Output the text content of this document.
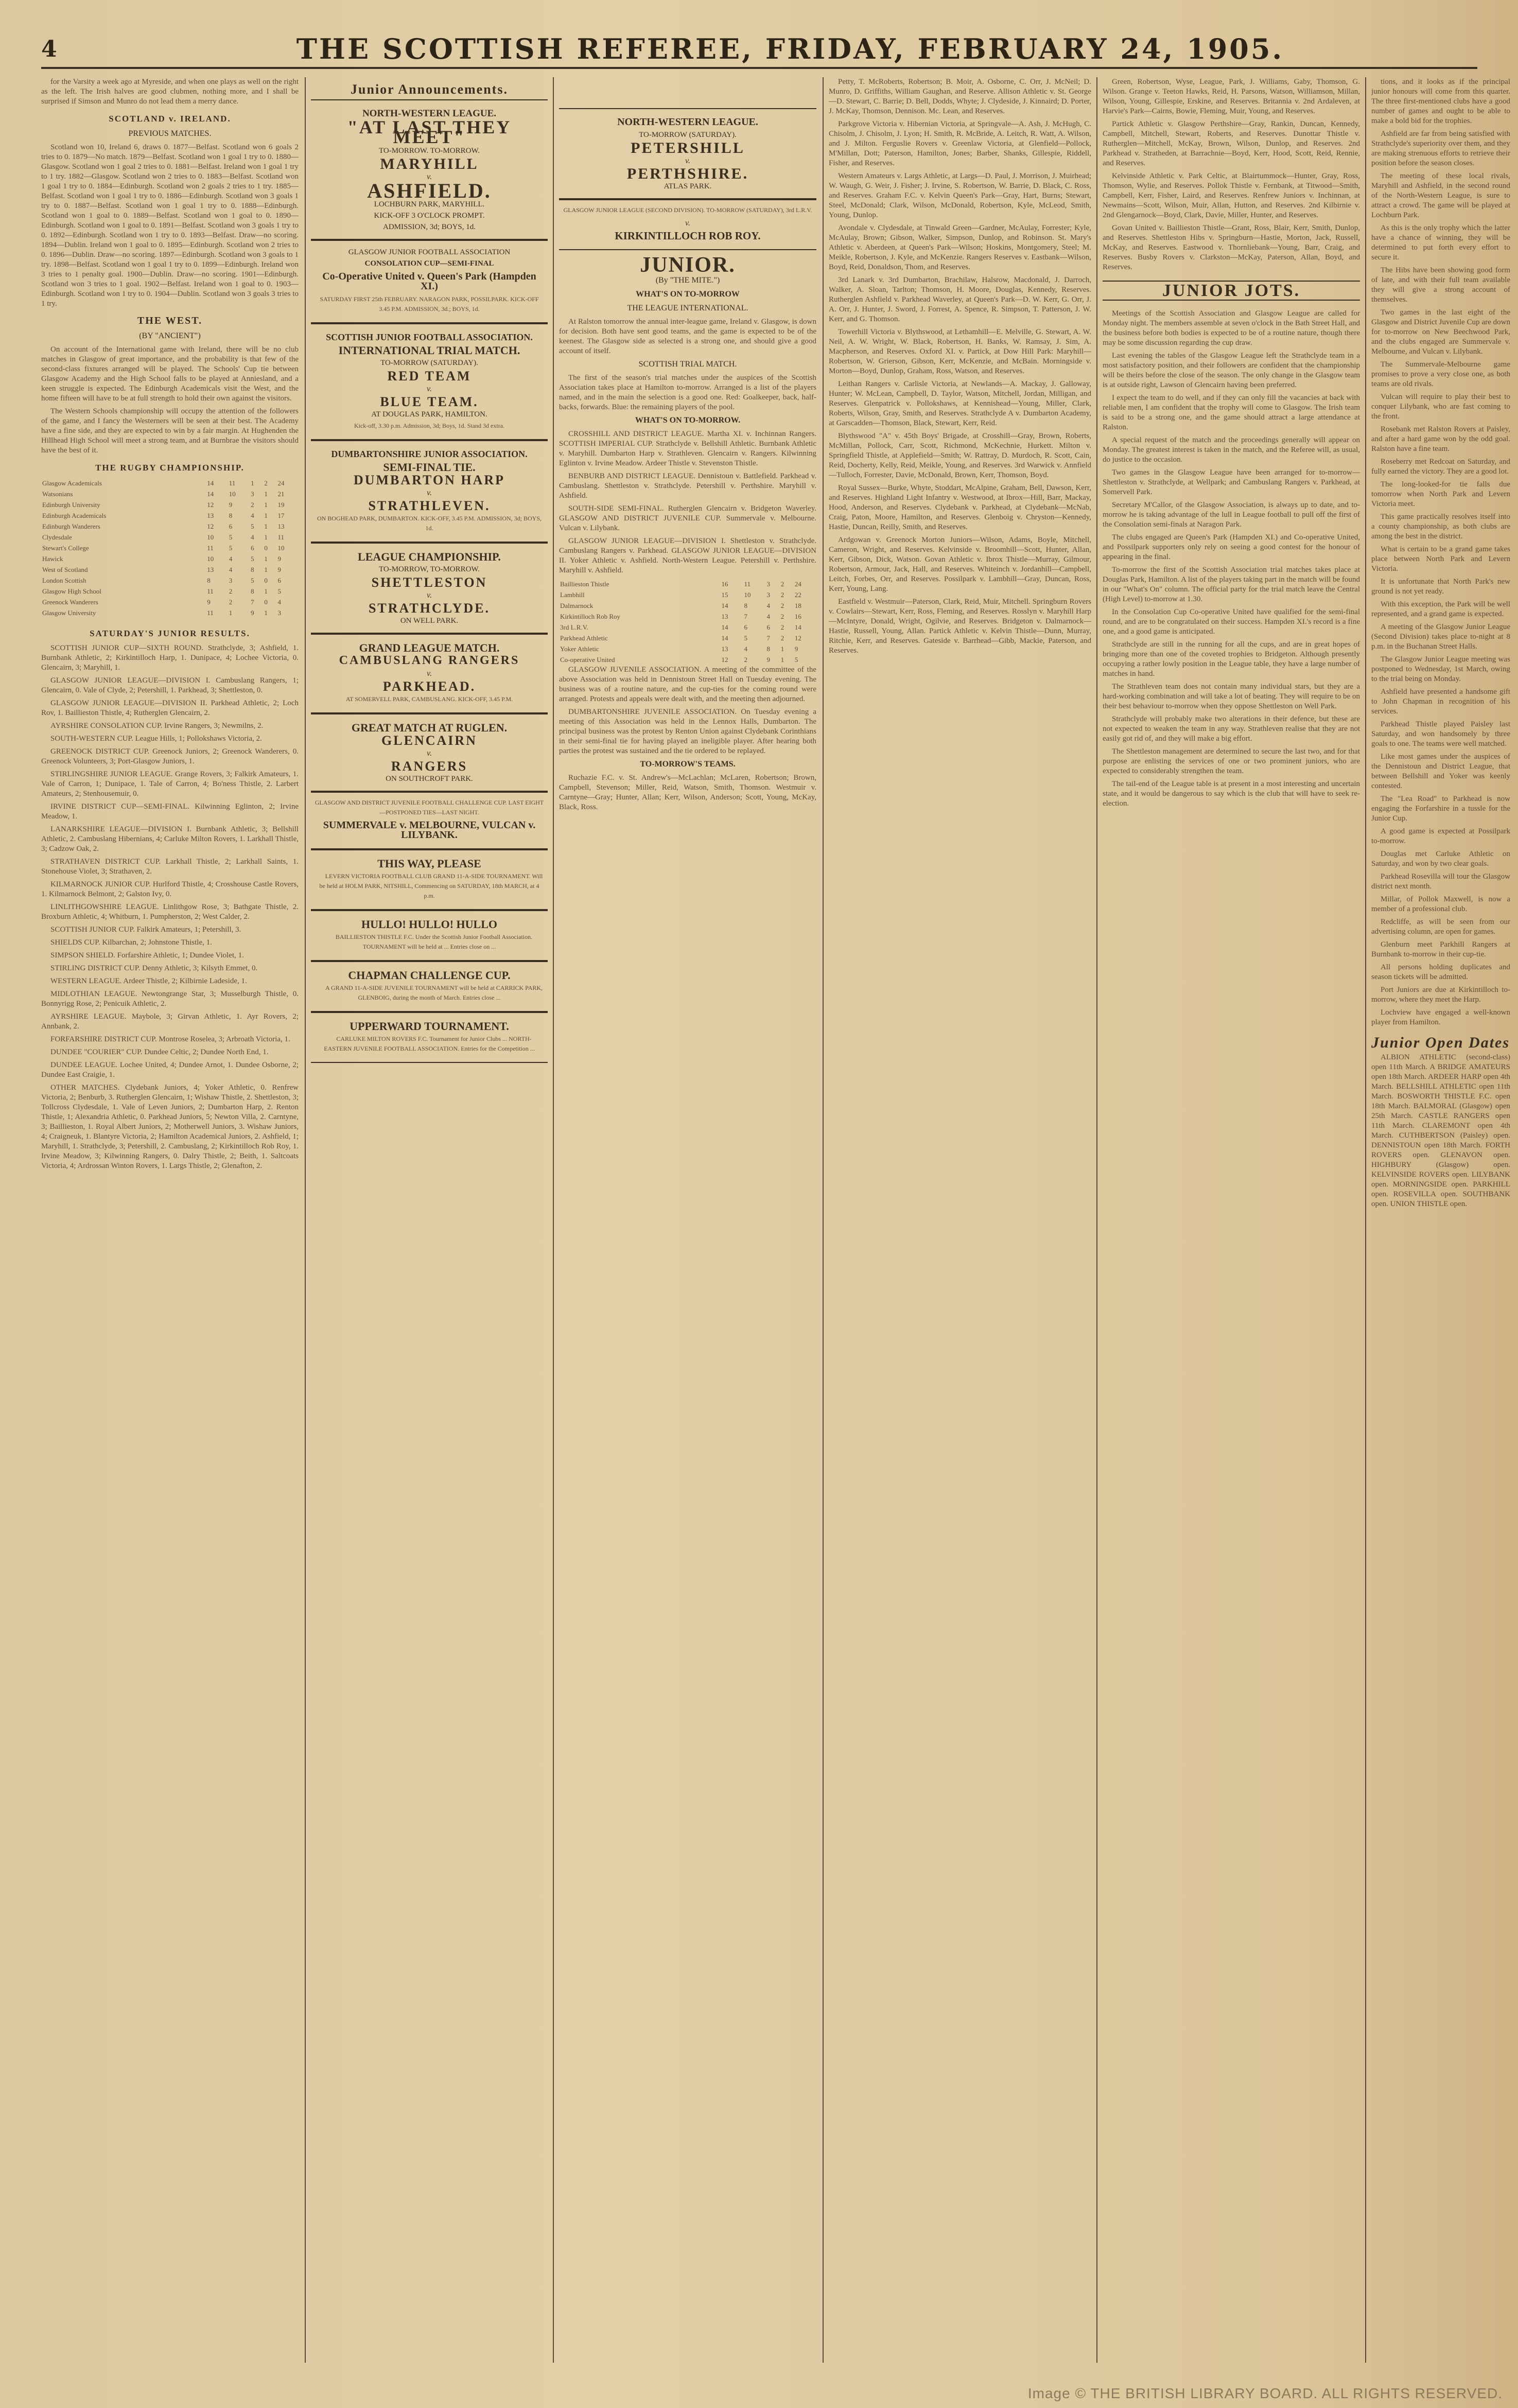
4	THE SCOTTISH REFEREE, FRIDAY, FEBRUARY 24, 1905.

for the Varsity a week ago at Myreside, and when one plays as well on the right as the left. The Irish halves are good clubmen, nothing more, and I shall be surprised if Simson and Munro do not lead them a merry dance.

SCOTLAND v. IRELAND.
PREVIOUS MATCHES.

Scotland won 10, Ireland 6, draws 0. 1877—Belfast. Scotland won 6 goals 2 tries to 0. 1879—No match. 1879—Belfast. Scotland won 1 goal 1 try to 0. 1880—Glasgow. Scotland won 1 goal 2 tries to 0. 1881—Belfast. Ireland won 1 goal 1 try to 1 try. 1882—Glasgow. Scotland won 2 tries to 0. 1883—Belfast. Scotland won 1 goal 1 try to 0. 1884—Edinburgh. Scotland won 2 goals 2 tries to 1 try. 1885—Belfast. Scotland won 1 goal 1 try to 0. 1886—Edinburgh. Scotland won 3 goals 1 try to 0. 1887—Belfast. Scotland won 1 goal 1 try to 0. 1888—Edinburgh. Scotland won 1 goal to 0. 1889—Belfast. Scotland won 1 goal to 0. 1890—Edinburgh. Scotland won 1 goal to 0. 1891—Belfast. Scotland won 3 goals 1 try to 0. 1892—Edinburgh. Scotland won 1 try to 0. 1893—Belfast. Draw—no scoring. 1894—Dublin. Ireland won 1 goal to 0. 1895—Edinburgh. Scotland won 2 tries to 0. 1896—Dublin. Draw—no scoring. 1897—Edinburgh. Scotland won 3 goals to 1 try. 1898—Belfast. Scotland won 1 goal 1 try to 0. 1899—Edinburgh. Ireland won 3 tries to 1 penalty goal. 1900—Dublin. Draw—no scoring. 1901—Edinburgh. Scotland won 3 tries to 1 goal. 1902—Belfast. Ireland won 1 goal to 0. 1903—Edinburgh. Scotland won 1 try to 0. 1904—Dublin. Scotland won 3 goals 3 tries to 1 try.

THE WEST.
(BY "ANCIENT")

On account of the International game with Ireland, there will be no club matches in Glasgow of great importance, and the probability is that few of the second-class fixtures arranged will be played. The Schools' Cup tie between Glasgow Academy and the High School falls to be played at Anniesland, and a keen struggle is expected. The Edinburgh Academicals visit the West, and the home fifteen will have to be at full strength to hold their own against the visitors.

The Western Schools championship will occupy the attention of the followers of the game, and I fancy the Westerners will be seen at their best. The Academy have a fine side, and they are expected to win by a fair margin. At Hughenden the Hillhead High School will meet a strong team, and at Burnbrae the visitors should have the best of it.

THE RUGBY CHAMPIONSHIP.
Glasgow Academicals	14	11	1	2	24
Watsonians	14	10	3	1	21
Edinburgh University	12	9	2	1	19
Edinburgh Academicals	13	8	4	1	17
Edinburgh Wanderers	12	6	5	1	13
Clydesdale	10	5	4	1	11
Stewart's College	11	5	6	0	10
Hawick	10	4	5	1	9
West of Scotland	13	4	8	1	9
London Scottish	8	3	5	0	6
Glasgow High School	11	2	8	1	5
Greenock Wanderers	9	2	7	0	4
Glasgow University	11	1	9	1	3
SATURDAY'S JUNIOR RESULTS.

SCOTTISH JUNIOR CUP—SIXTH ROUND. Strathclyde, 3; Ashfield, 1. Burnbank Athletic, 2; Kirkintilloch Harp, 1. Dunipace, 4; Lochee Victoria, 0. Glencairn, 3; Maryhill, 1.

GLASGOW JUNIOR LEAGUE—DIVISION I. Cambuslang Rangers, 1; Glencairn, 0. Vale of Clyde, 2; Petershill, 1. Parkhead, 3; Shettleston, 0.

GLASGOW JUNIOR LEAGUE—DIVISION II. Parkhead Athletic, 2; Loch Rov, 1. Baillieston Thistle, 4; Rutherglen Glencairn, 2.

AYRSHIRE CONSOLATION CUP. Irvine Rangers, 3; Newmilns, 2.

SOUTH-WESTERN CUP. League Hills, 1; Pollokshaws Victoria, 2.

GREENOCK DISTRICT CUP. Greenock Juniors, 2; Greenock Wanderers, 0. Greenock Volunteers, 3; Port-Glasgow Juniors, 1.

STIRLINGSHIRE JUNIOR LEAGUE. Grange Rovers, 3; Falkirk Amateurs, 1. Vale of Carron, 1; Dunipace, 1. Tale of Carron, 4; Bo'ness Thistle, 2. Larbert Amateurs, 2; Stenhousemuir, 0.

IRVINE DISTRICT CUP—SEMI-FINAL. Kilwinning Eglinton, 2; Irvine Meadow, 1.

LANARKSHIRE LEAGUE—DIVISION I. Burnbank Athletic, 3; Bellshill Athletic, 2. Cambuslang Hibernians, 4; Carluke Milton Rovers, 1. Larkhall Thistle, 3; Cadzow Oak, 2.

STRATHAVEN DISTRICT CUP. Larkhall Thistle, 2; Larkhall Saints, 1. Stonehouse Violet, 3; Strathaven, 2.

KILMARNOCK JUNIOR CUP. Hurlford Thistle, 4; Crosshouse Castle Rovers, 1. Kilmarnock Belmont, 2; Galston Ivy, 0.

LINLITHGOWSHIRE LEAGUE. Linlithgow Rose, 3; Bathgate Thistle, 2. Broxburn Athletic, 4; Whitburn, 1. Pumpherston, 2; West Calder, 2.

SCOTTISH JUNIOR CUP. Falkirk Amateurs, 1; Petershill, 3.

SHIELDS CUP. Kilbarchan, 2; Johnstone Thistle, 1.

SIMPSON SHIELD. Forfarshire Athletic, 1; Dundee Violet, 1.

STIRLING DISTRICT CUP. Denny Athletic, 3; Kilsyth Emmet, 0.

WESTERN LEAGUE. Ardeer Thistle, 2; Kilbirnie Ladeside, 1.

MIDLOTHIAN LEAGUE. Newtongrange Star, 3; Musselburgh Thistle, 0. Bonnyrigg Rose, 2; Penicuik Athletic, 2.

AYRSHIRE LEAGUE. Maybole, 3; Girvan Athletic, 1. Ayr Rovers, 2; Annbank, 2.

FORFARSHIRE DISTRICT CUP. Montrose Roselea, 3; Arbroath Victoria, 1.

DUNDEE "COURIER" CUP. Dundee Celtic, 2; Dundee North End, 1.

DUNDEE LEAGUE. Lochee United, 4; Dundee Arnot, 1. Dundee Osborne, 2; Dundee East Craigie, 1.

OTHER MATCHES. Clydebank Juniors, 4; Yoker Athletic, 0. Renfrew Victoria, 2; Benburb, 3. Rutherglen Glencairn, 1; Wishaw Thistle, 2. Shettleston, 3; Tollcross Clydesdale, 1. Vale of Leven Juniors, 2; Dumbarton Harp, 2. Renton Thistle, 1; Alexandria Athletic, 0. Parkhead Juniors, 5; Newton Villa, 2. Carntyne, 3; Baillieston, 1. Royal Albert Juniors, 2; Motherwell Juniors, 3. Wishaw Juniors, 4; Craigneuk, 1. Blantyre Victoria, 2; Hamilton Academical Juniors, 2. Ashfield, 1; Maryhill, 1. Strathclyde, 3; Petershill, 2. Cambuslang, 2; Kirkintilloch Rob Roy, 1. Irvine Meadow, 3; Kilwinning Rangers, 0. Dalry Thistle, 2; Beith, 1. Saltcoats Victoria, 4; Ardrossan Winton Rovers, 1. Largs Thistle, 2; Glenafton, 2.

Junior Announcements.
NORTH-WESTERN LEAGUE.
"AT LAST THEY MEET"
TO-MORROW. TO-MORROW.
MARYHILL
v.
ASHFIELD.
LOCHBURN PARK, MARYHILL.
KICK-OFF 3 O'CLOCK PROMPT.
ADMISSION, 3d; BOYS, 1d.
GLASGOW JUNIOR FOOTBALL ASSOCIATION
CONSOLATION CUP—SEMI-FINAL
Co-Operative United v. Queen's Park (Hampden XI.)

SATURDAY FIRST 25th FEBRUARY. NARAGON PARK, POSSILPARK. KICK-OFF 3.45 P.M. ADMISSION, 3d.; BOYS, 1d.

SCOTTISH JUNIOR FOOTBALL ASSOCIATION.
INTERNATIONAL TRIAL MATCH.
TO-MORROW (SATURDAY).
RED TEAM
v.
BLUE TEAM.
AT DOUGLAS PARK, HAMILTON.

Kick-off, 3.30 p.m. Admission, 3d; Boys, 1d. Stand 3d extra.

DUMBARTONSHIRE JUNIOR ASSOCIATION.
SEMI-FINAL TIE.
DUMBARTON HARP
v.
STRATHLEVEN.

ON BOGHEAD PARK, DUMBARTON. KICK-OFF, 3.45 P.M. ADMISSION, 3d; BOYS, 1d.

LEAGUE CHAMPIONSHIP.
TO-MORROW, TO-MORROW.
SHETTLESTON
v.
STRATHCLYDE.
ON WELL PARK.
GRAND LEAGUE MATCH.
CAMBUSLANG RANGERS
v.
PARKHEAD.

AT SOMERVELL PARK, CAMBUSLANG. KICK-OFF, 3.45 P.M.

GREAT MATCH AT RUGLEN.
GLENCAIRN
v.
RANGERS
ON SOUTHCROFT PARK.

GLASGOW AND DISTRICT JUVENILE FOOTBALL CHALLENGE CUP. LAST EIGHT—POSTPONED TIES—LAST NIGHT.

SUMMERVALE v. MELBOURNE, VULCAN v. LILYBANK.
THIS WAY, PLEASE

LEVERN VICTORIA FOOTBALL CLUB GRAND 11-A-SIDE TOURNAMENT. Will be held at HOLM PARK, NITSHILL, Commencing on SATURDAY, 18th MARCH, at 4 p.m.

HULLO! HULLO! HULLO

BAILLIESTON THISTLE F.C. Under the Scottish Junior Football Association. TOURNAMENT will be held at ... Entries close on ...

CHAPMAN CHALLENGE CUP.

A GRAND 11-A-SIDE JUVENILE TOURNAMENT will be held at CARRICK PARK, GLENBOIG, during the month of March. Entries close ...

UPPERWARD TOURNAMENT.

CARLUKE MILTON ROVERS F.C. Tournament for Junior Clubs ... NORTH-EASTERN JUVENILE FOOTBALL ASSOCIATION. Entries for the Competition ...

NORTH-WESTERN LEAGUE.
TO-MORROW (SATURDAY).
PETERSHILL
v.
PERTHSHIRE.
ATLAS PARK.

GLASGOW JUNIOR LEAGUE (SECOND DIVISION). TO-MORROW (SATURDAY), 3rd L.R.V.

v.
KIRKINTILLOCH ROB ROY.
JUNIOR.
(By "THE MITE.")
WHAT'S ON TO-MORROW
THE LEAGUE INTERNATIONAL.

At Ralston tomorrow the annual inter-league game, Ireland v. Glasgow, is down for decision. Both have sent good teams, and the game is expected to be of the keenest. The Glasgow side as selected is a strong one, and should give a good account of itself.

SCOTTISH TRIAL MATCH.

The first of the season's trial matches under the auspices of the Scottish Association takes place at Hamilton to-morrow. Arranged is a list of the players named, and in the main the selection is a good one. Red: Goalkeeper, back, half-backs, forwards. Blue: the remaining players of the pool.

WHAT'S ON TO-MORROW.

CROSSHILL AND DISTRICT LEAGUE. Martha XI. v. Inchinnan Rangers. SCOTTISH IMPERIAL CUP. Strathclyde v. Bellshill Athletic. Burnbank Athletic v. Maryhill. Dumbarton Harp v. Strathleven. Glencairn v. Rangers. Kilwinning Eglinton v. Irvine Meadow. Ardeer Thistle v. Stevenston Thistle.

BENBURB AND DISTRICT LEAGUE. Dennistoun v. Battlefield. Parkhead v. Cambuslang. Shettleston v. Strathclyde. Petershill v. Perthshire. Maryhill v. Ashfield.

SOUTH-SIDE SEMI-FINAL. Rutherglen Glencairn v. Bridgeton Waverley. GLASGOW AND DISTRICT JUVENILE CUP. Summervale v. Melbourne. Vulcan v. Lilybank.

GLASGOW JUNIOR LEAGUE—DIVISION I. Shettleston v. Strathclyde. Cambuslang Rangers v. Parkhead. GLASGOW JUNIOR LEAGUE—DIVISION II. Yoker Athletic v. Ashfield. North-Western League. Petershill v. Perthshire. Maryhill v. Ashfield.

Baillieston Thistle	16	11	3	2	24
Lambhill	15	10	3	2	22
Dalmarnock	14	8	4	2	18
Kirkintilloch Rob Roy	13	7	4	2	16
3rd L.R.V.	14	6	6	2	14
Parkhead Athletic	14	5	7	2	12
Yoker Athletic	13	4	8	1	9
Co-operative United	12	2	9	1	5

GLASGOW JUVENILE ASSOCIATION. A meeting of the committee of the above Association was held in Dennistoun Street Hall on Tuesday evening. The business was of a routine nature, and the cup-ties for the coming round were arranged. Protests and appeals were dealt with, and the meeting then adjourned.

DUMBARTONSHIRE JUVENILE ASSOCIATION. On Tuesday evening a meeting of this Association was held in the Lennox Halls, Dumbarton. The principal business was the protest by Renton Union against Clydebank Corinthians in their semi-final tie for having played an ineligible player. After hearing both parties the protest was sustained and the tie ordered to be replayed.

TO-MORROW'S TEAMS.

Ruchazie F.C. v. St. Andrew's—McLachlan; McLaren, Robertson; Brown, Campbell, Stevenson; Miller, Reid, Watson, Smith, Thomson. Westmuir v. Carntyne—Gray; Hunter, Allan; Kerr, Wilson, Anderson; Scott, Young, McKay, Black, Ross.

Petty, T. McRoberts, Robertson; B. Moir, A. Osborne, C. Orr, J. McNeil; D. Munro, D. Griffiths, William Gaughan, and Reserve. Allison Athletic v. St. George—D. Stewart, C. Barrie; D. Bell, Dodds, Whyte; J. Clydeside, J. Kinnaird; D. Porter, J. McKay, Thomson, Dennison. Mc. Lean, and Reserves.

Parkgrove Victoria v. Hibernian Victoria, at Springvale—A. Ash, J. McHugh, C. Chisolm, J. Chisolm, J. Lyon; H. Smith, R. McBride, A. Leitch, R. Watt, A. Wilson, and J. Milton. Ferguslie Rovers v. Greenlaw Victoria, at Glenfield—Pollock, M'Millan, Dott; Paterson, Hamilton, Jones; Barber, Shanks, Gillespie, Riddell, Fisher, and Reserves.

Western Amateurs v. Largs Athletic, at Largs—D. Paul, J. Morrison, J. Muirhead; W. Waugh, G. Weir, J. Fisher; J. Irvine, S. Robertson, W. Barrie, D. Black, C. Ross, and Reserves. Graham F.C. v. Kelvin Queen's Park—Gray, Hart, Burns; Stewart, Steel, McDonald; Clark, Wilson, McDonald, Robertson, Kyle, McLeod, Smith, Young, Dunlop.

Avondale v. Clydesdale, at Tinwald Green—Gardner, McAulay, Forrester; Kyle, McAulay, Brown; Gibson, Walker, Simpson, Dunlop, and Robinson. St. Mary's Athletic v. Aberdeen, at Queen's Park—Wilson; Hoskins, Montgomery, Steel; M. Meikle, Robertson, J. Kyle, and McKenzie. Rangers Reserves v. Eastbank—Wilson, Boyd, Reid, Donaldson, Thom, and Reserves.

3rd Lanark v. 3rd Dumbarton, Brachilaw, Halsrow, Macdonald, J. Darroch, Walker, A. Sloan, Tarlton; Thomson, H. Moore, Douglas, Kennedy, Reserves. Rutherglen Ashfield v. Parkhead Waverley, at Queen's Park—D. W. Kerr, G. Orr, J. A. Orr, J. Hunter, J. Sword, J. Forrest, A. Spence, R. Simpson, T. Patterson, J. W. Kerr, and G. Thomson.

Towerhill Victoria v. Blythswood, at Lethamhill—E. Melville, G. Stewart, A. W. Neil, A. W. Wright, W. Black, Robertson, H. Banks, W. Ramsay, J. Sim, A. Macpherson, and Reserves. Oxford XI. v. Partick, at Dow Hill Park: Maryhill—Robertson, W. Grierson, Gibson, Kerr, McKenzie, and McBain. Morningside v. Morton—Boyd, Dunlop, Graham, Ross, Watson, and Reserves.

Leithan Rangers v. Carlisle Victoria, at Newlands—A. Mackay, J. Galloway, Hunter; W. McLean, Campbell, D. Taylor, Watson, Mitchell, Jordan, Milligan, and Reserves. Glenpatrick v. Pollokshaws, at Kennishead—Young, Miller, Clark, Roberts, Wilson, Gray, Smith, and Reserves. Strathclyde A v. Dumbarton Academy, at Garscadden—Thomson, Black, Stewart, Kerr, Reid.

Blythswood "A" v. 45th Boys' Brigade, at Crosshill—Gray, Brown, Roberts, McMillan, Pollock, Carr, Scott, Richmond, McKechnie, Hurkett. Milton v. Springfield Thistle, at Applefield—Smith; W. Rattray, D. Murdoch, R. Scott, Cain, Reid, Docherty, Kelly, Reid, Meikle, Young, and Reserves. 3rd Warwick v. Annfield—Tulloch, Forrester, Davie, McDonald, Brown, Kerr, Thomson, Boyd.

Royal Sussex—Burke, Whyte, Stoddart, McAlpine, Graham, Bell, Dawson, Kerr, and Reserves. Highland Light Infantry v. Westwood, at Ibrox—Hill, Barr, Mackay, Hood, Anderson, and Reserves. Clydebank v. Parkhead, at Clydebank—McNab, Craig, Paton, Moore, Hamilton, and Reserves. Glenboig v. Chryston—Kennedy, Hastie, Duncan, Reilly, Smith, and Reserves.

Ardgowan v. Greenock Morton Juniors—Wilson, Adams, Boyle, Mitchell, Cameron, Wright, and Reserves. Kelvinside v. Broomhill—Scott, Hunter, Allan, Kerr, Gibson, Dick, Watson. Govan Athletic v. Ibrox Thistle—Murray, Gilmour, Robertson, Armour, Jack, Hall, and Reserves. Whiteinch v. Jordanhill—Campbell, Leitch, Forbes, Orr, and Reserves. Possilpark v. Lambhill—Gray, Duncan, Ross, Kerr, Young, Lang.

Eastfield v. Westmuir—Paterson, Clark, Reid, Muir, Mitchell. Springburn Rovers v. Cowlairs—Stewart, Kerr, Ross, Fleming, and Reserves. Rosslyn v. Maryhill Harp—McIntyre, Donald, Wright, Ogilvie, and Reserves. Bridgeton v. Dalmarnock—Hastie, Russell, Young, Allan. Partick Athletic v. Kelvin Thistle—Dunn, Murray, Ritchie, Kerr, and Reserves. Gateside v. Barrhead—Gibb, Mackie, Paterson, and Reserves.

Green, Robertson, Wyse, League, Park, J. Williams, Gaby, Thomson, G. Wilson. Grange v. Teeton Hawks, Reid, H. Parsons, Watson, Williamson, Millan, Wilson, Young, Gillespie, Erskine, and Reserves. Britannia v. 2nd Ardaleven, at Harvie's Park—Cairns, Bowie, Fleming, Muir, Young, and Reserves.

Partick Athletic v. Glasgow Perthshire—Gray, Rankin, Duncan, Kennedy, Campbell, Mitchell, Stewart, Roberts, and Reserves. Dunottar Thistle v. Rutherglen—Mitchell, McKay, Brown, Wilson, Dunlop, and Reserves. 2nd Parkhead v. Stratheden, at Barrachnie—Boyd, Kerr, Hood, Scott, Reid, Rennie, and Reserves.

Kelvinside Athletic v. Park Celtic, at Blairtummock—Hunter, Gray, Ross, Thomson, Wylie, and Reserves. Pollok Thistle v. Fernbank, at Titwood—Smith, Campbell, Kerr, Fisher, Laird, and Reserves. Renfrew Juniors v. Inchinnan, at Newmains—Scott, Wilson, Muir, Allan, Hutton, and Reserves. 2nd Kilbirnie v. 2nd Glengarnock—Boyd, Clark, Davie, Miller, Hunter, and Reserves.

Govan United v. Baillieston Thistle—Grant, Ross, Blair, Kerr, Smith, Dunlop, and Reserves. Shettleston Hibs v. Springburn—Hastie, Morton, Jack, Russell, McKay, and Reserves. Eastwood v. Thornliebank—Young, Barr, Craig, and Reserves. Busby Rovers v. Clarkston—McKay, Paterson, Allan, Boyd, and Reserves.

JUNIOR JOTS.

Meetings of the Scottish Association and Glasgow League are called for Monday night. The members assemble at seven o'clock in the Bath Street Hall, and the business before both bodies is expected to be of a routine nature, though there may be some discussion regarding the cup draw.

Last evening the tables of the Glasgow League left the Strathclyde team in a most satisfactory position, and their followers are confident that the championship will be theirs before the close of the season. The only change in the Glasgow team is at outside right, Lawson of Glencairn having been preferred.

I expect the team to do well, and if they can only fill the vacancies at back with reliable men, I am confident that the trophy will come to Glasgow. The Irish team is said to be a strong one, and the game should attract a large attendance at Ralston.

A special request of the match and the proceedings generally will appear on Monday. The greatest interest is taken in the match, and the Referee will, as usual, do justice to the occasion.

Two games in the Glasgow League have been arranged for to-morrow—Shettleston v. Strathclyde, at Wellpark; and Cambuslang Rangers v. Parkhead, at Somervell Park.

Secretary M'Callor, of the Glasgow Association, is always up to date, and to-morrow he is taking advantage of the lull in League football to pull off the first of the Consolation semi-finals at Naragon Park.

The clubs engaged are Queen's Park (Hampden XI.) and Co-operative United, and Possilpark supporters only rely on seeing a good contest for the honour of appearing in the final.

To-morrow the first of the Scottish Association trial matches takes place at Douglas Park, Hamilton. A list of the players taking part in the match will be found in our "What's On" column. The official party for the trial match leave the Central (High Level) to-morrow at 1.30.

In the Consolation Cup Co-operative United have qualified for the semi-final round, and are to be congratulated on their success. Hampden XI.'s record is a fine one, and a good game is anticipated.

Strathclyde are still in the running for all the cups, and are in great hopes of bringing more than one of the coveted trophies to Bridgeton. Although presently occupying a rather lowly position in the League table, they have a large number of matches in hand.

The Strathleven team does not contain many individual stars, but they are a hard-working combination and will take a lot of beating. They will require to be on their best behaviour to-morrow when they oppose Shettleston on Well Park.

Strathclyde will probably make two alterations in their defence, but these are not expected to weaken the team in any way. Strathleven realise that they are not easily got rid of, and they will make a big effort.

The Shettleston management are determined to secure the last two, and for that purpose are enlisting the services of one or two prominent juniors, who are expected to considerably strengthen the team.

The tail-end of the League table is at present in a most interesting and uncertain state, and it would be dangerous to say which is the club that will have to seek re-election.

tions, and it looks as if the principal junior honours will come from this quarter. The three first-mentioned clubs have a good number of games and ought to be able to make a bold bid for the trophies.

Ashfield are far from being satisfied with Strathclyde's superiority over them, and they are making strenuous efforts to retrieve their position before the season closes.

The meeting of these local rivals, Maryhill and Ashfield, in the second round of the North-Western League, is sure to attract a crowd. The game will be played at Lochburn Park.

As this is the only trophy which the latter have a chance of winning, they will be determined to put forth every effort to secure it.

The Hibs have been showing good form of late, and with their full team available they will give a strong account of themselves.

Two games in the last eight of the Glasgow and District Juvenile Cup are down for to-morrow on New Beechwood Park, and the clubs engaged are Summervale v. Melbourne, and Vulcan v. Lilybank.

The Summervale-Melbourne game promises to prove a very close one, as both teams are old rivals.

Vulcan will require to play their best to conquer Lilybank, who are fast coming to the front.

Rosebank met Ralston Rovers at Paisley, and after a hard game won by the odd goal. Ralston have a fine team.

Roseberry met Redcoat on Saturday, and fully earned the victory. They are a good lot.

The long-looked-for tie falls due tomorrow when North Park and Levern Victoria meet.

This game practically resolves itself into a county championship, as both clubs are among the best in the district.

What is certain to be a grand game takes place between North Park and Levern Victoria.

It is unfortunate that North Park's new ground is not yet ready.

With this exception, the Park will be well represented, and a grand game is expected.

A meeting of the Glasgow Junior League (Second Division) takes place to-night at 8 p.m. in the Buchanan Street Halls.

The Glasgow Junior League meeting was postponed to Wednesday, 1st March, owing to the trial being on Monday.

Ashfield have presented a handsome gift to John Chapman in recognition of his services.

Parkhead Thistle played Paisley last Saturday, and won handsomely by three goals to one. The teams were well matched.

Like most games under the auspices of the Dennistoun and District League, that between Bellshill and Yoker was keenly contested.

The "Lea Road" to Parkhead is now engaging the Forfarshire in a tussle for the Junior Cup.

A good game is expected at Possilpark to-morrow.

Douglas met Carluke Athletic on Saturday, and won by two clear goals.

Parkhead Rosevilla will tour the Glasgow district next month.

Millar, of Pollok Maxwell, is now a member of a professional club.

Redcliffe, as will be seen from our advertising column, are open for games.

Glenburn meet Parkhill Rangers at Burnbank to-morrow in their cup-tie.

All persons holding duplicates and season tickets will be admitted.

Port Juniors are due at Kirkintilloch to-morrow, where they meet the Harp.

Lochview have engaged a well-known player from Hamilton.

Junior Open Dates

ALBION ATHLETIC (second-class) open 11th March. A BRIDGE AMATEURS open 18th March. ARDEER HARP open 4th March. BELLSHILL ATHLETIC open 11th March. BOSWORTH THISTLE F.C. open 18th March. BALMORAL (Glasgow) open 25th March. CASTLE RANGERS open 11th March. CLAREMONT open 4th March. CUTHBERTSON (Paisley) open. DENNISTOUN open 18th March. FORTH ROVERS open. GLENAVON open. HIGHBURY (Glasgow) open. KELVINSIDE ROVERS open. LILYBANK open. MORNINGSIDE open. PARKHILL open. ROSEVILLA open. SOUTHBANK open. UNION THISTLE open.

Image © THE BRITISH LIBRARY BOARD. ALL RIGHTS RESERVED.
